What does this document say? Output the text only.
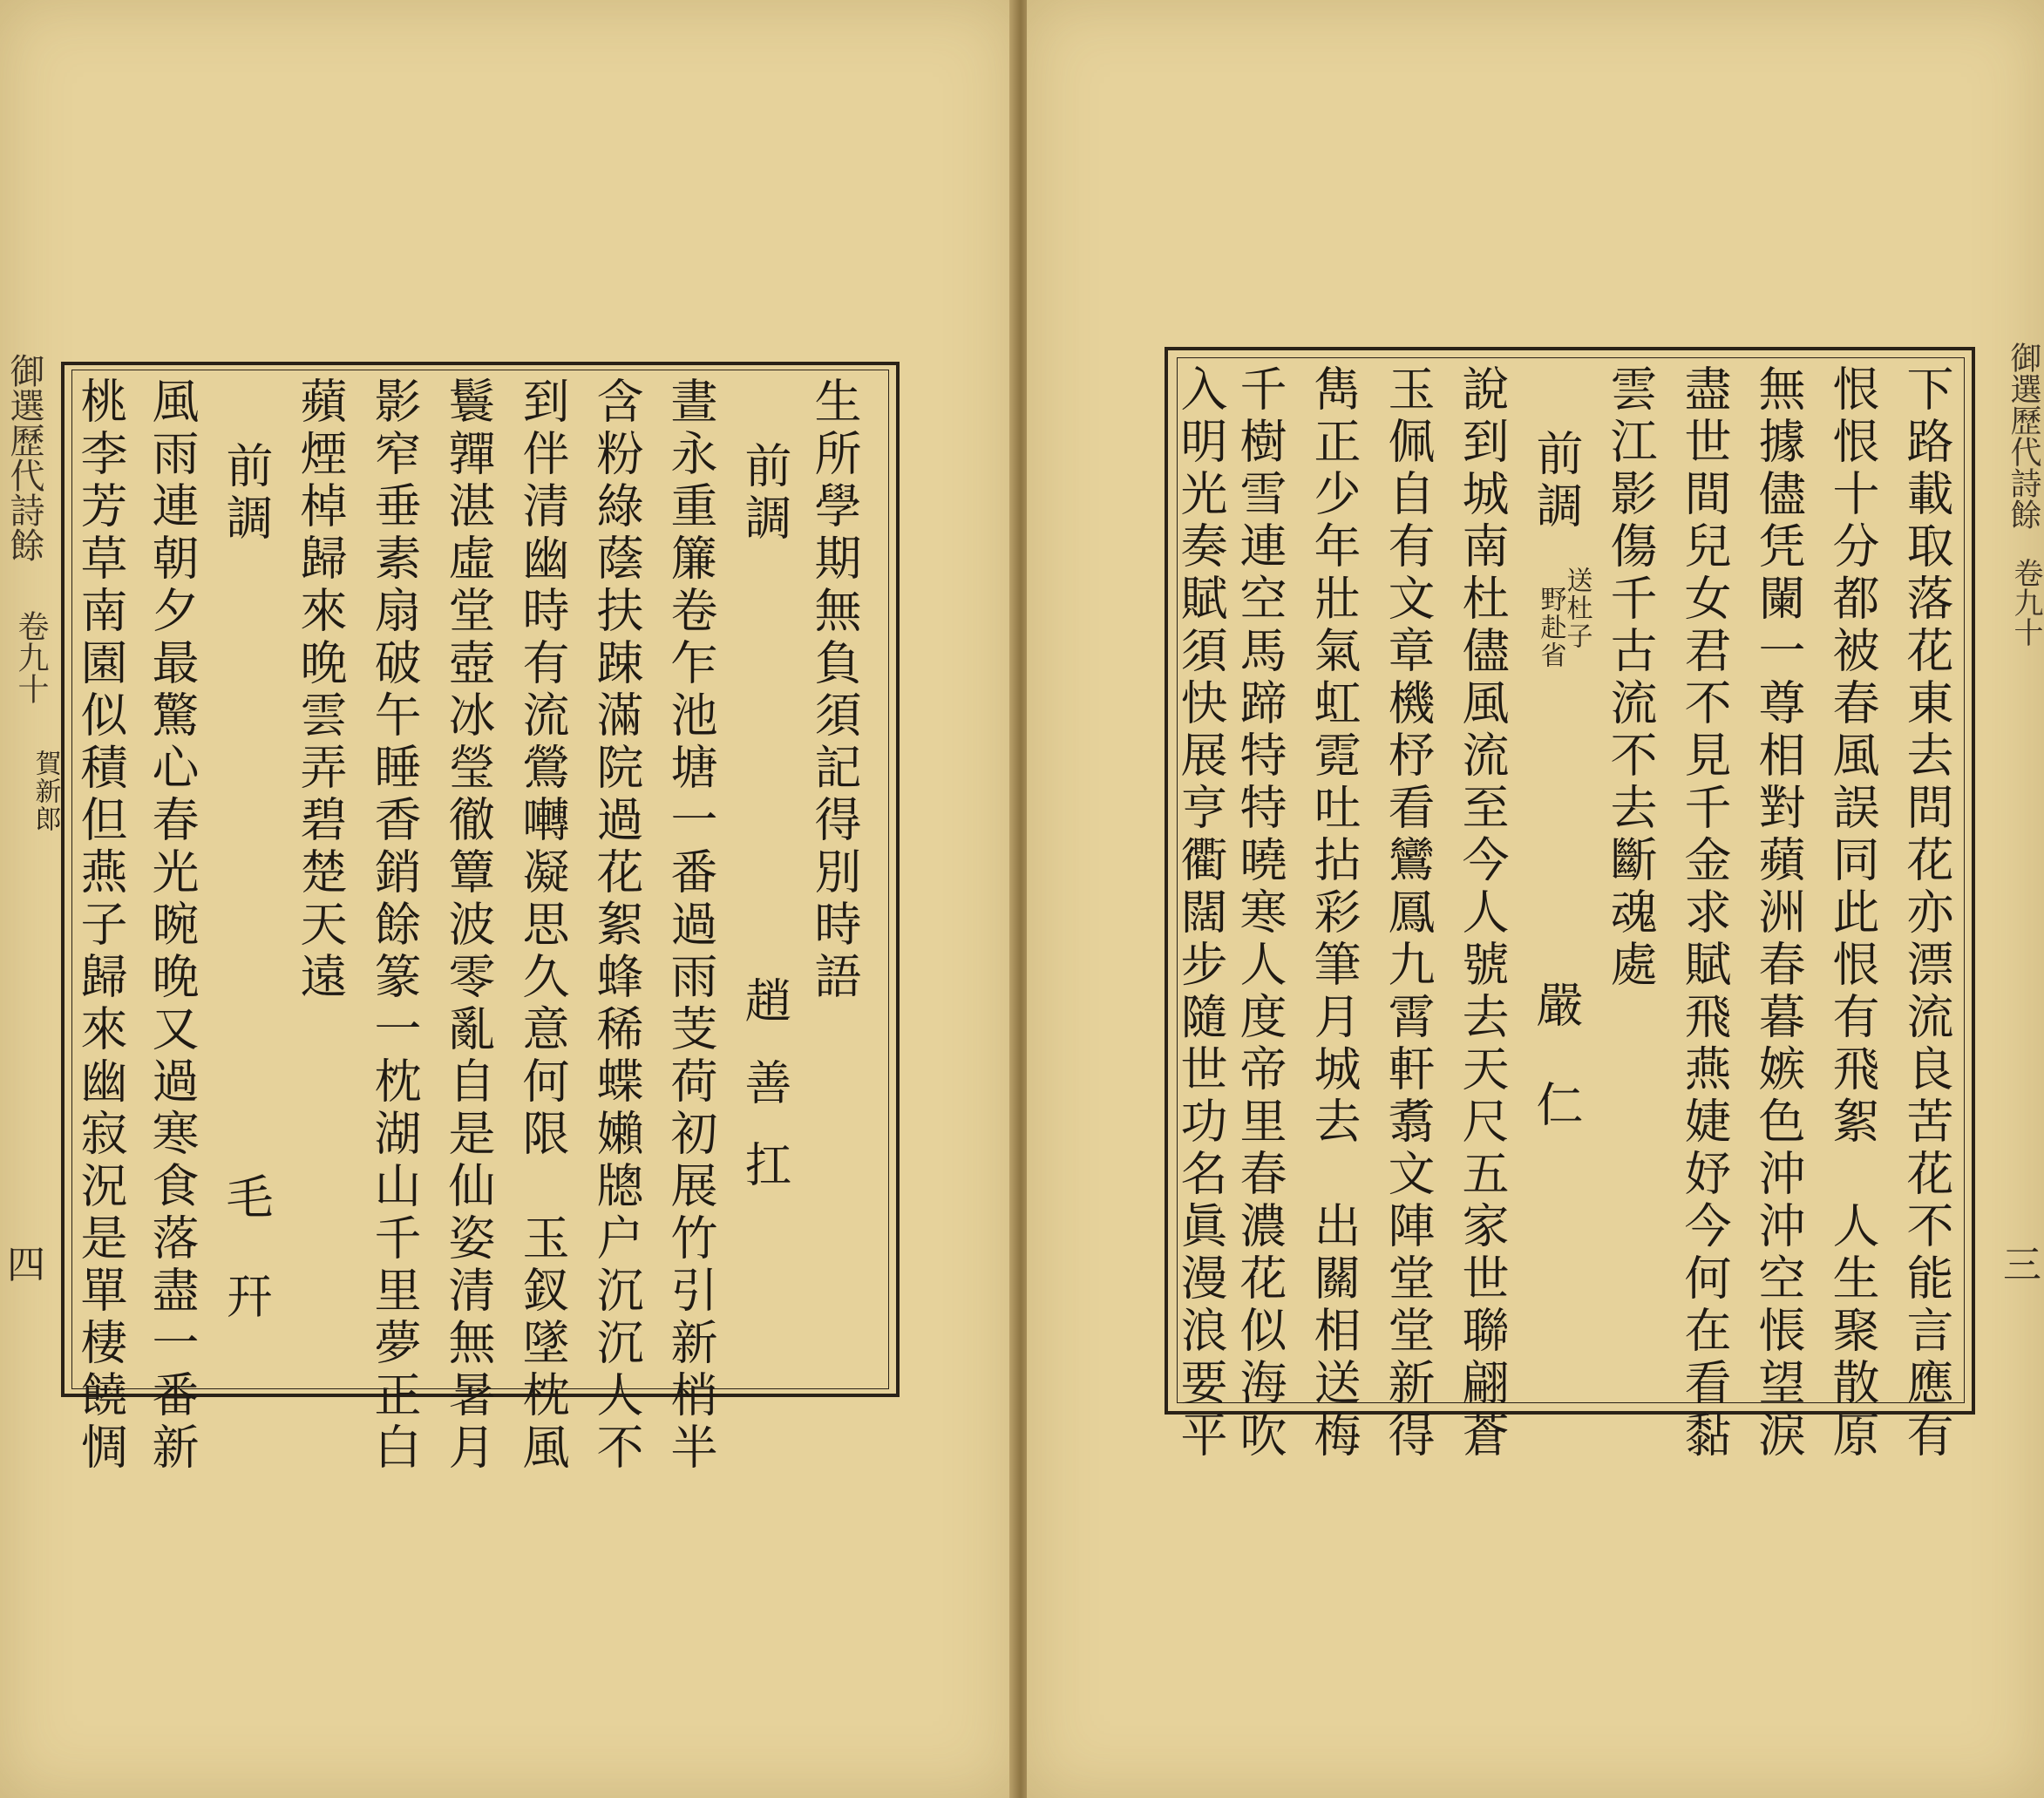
御選歷代詩餘
卷九十
賀新郎
四
生所學期無負須記得別時語
前調
晝永重簾卷乍池塘一番過雨芰荷初展竹引新梢半
含粉綠蔭扶踈滿院過花絮蜂稀蝶嬾牕户沉沉人不
到伴清幽時有流鶯囀凝思久意何限　玉釵墜枕風
鬟嚲湛虛堂壺冰瑩徹簟波零亂自是仙姿清無暑月
影窄垂素扇破午睡香銷餘篆一枕湖山千里夢正白
蘋煙棹歸來晚雲弄碧楚天遠
前調
風雨連朝夕最驚心春光晼晚又過寒食落盡一番新
桃李芳草南園似積但燕子歸來幽寂況是單棲饒惆	趙善扛
毛幵
御選歷代詩餘
卷九十
三
下路載取落花東去問花亦漂流良苦花不能言應有
恨恨十分都被春風誤同此恨有飛絮　人生聚散原
無據儘凭闌一尊相對蘋洲春暮嫉色沖沖空悵望淚
盡世間兒女君不見千金求賦飛燕婕妤今何在看黏
雲江影傷千古流不去斷魂處
前調
說到城南杜儘風流至今人號去天尺五家世聯翩蒼
玉佩自有文章機杼看鸞鳳九霄軒翥文陣堂堂新得
雋正少年壯氣虹霓吐拈彩筆月城去　出關相送梅
千樹雪連空馬蹄特特曉寒人度帝里春濃花似海吹
入明光奏賦須快展亨衢闊步隨世功名眞漫浪要平	送杜子
野赴省
嚴仁
